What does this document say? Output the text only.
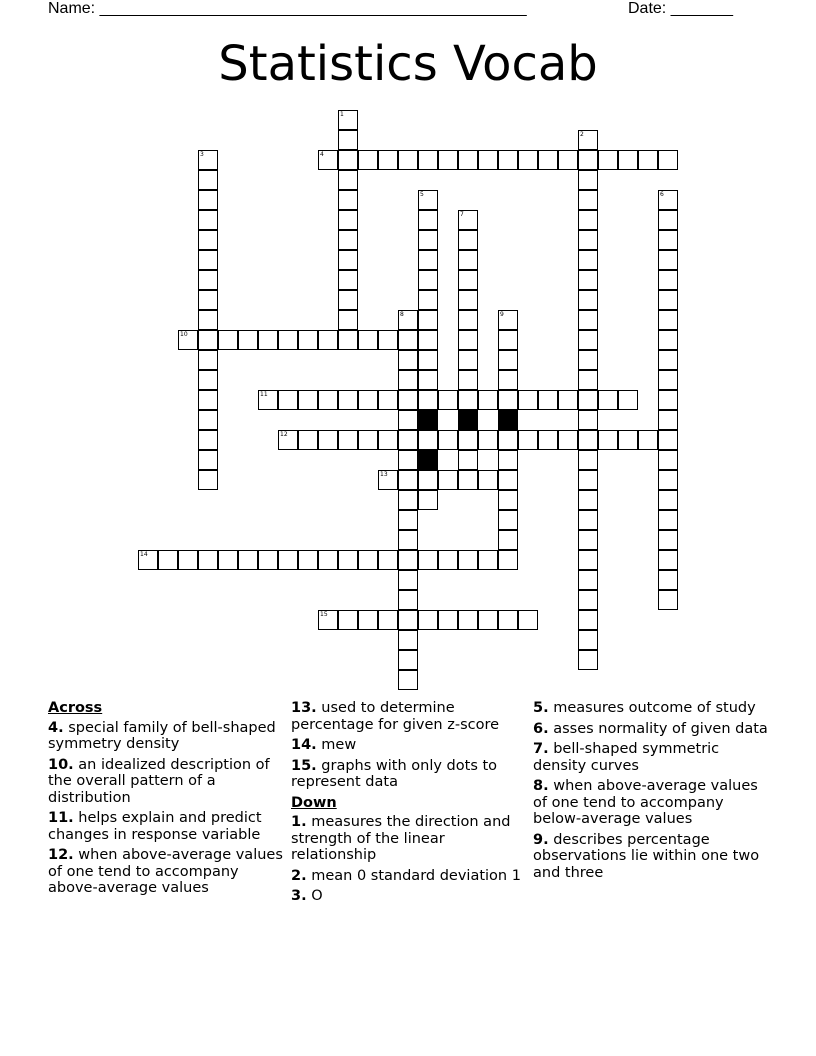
Name: ________________________________________________	Date: _______
Statistics Vocab
1
2
3	4
5	6
7
8	9
10
11
12
13
14
15
Across
4. special family of bell-shaped symmetry density
10. an idealized description of the overall pattern of a distribution
11. helps explain and predict changes in response variable
12. when above-average values of one tend to accompany above-average values
13. used to determine percentage for given z-score
14. mew
15. graphs with only dots to represent data
Down
1. measures the direction and strength of the linear relationship
2. mean 0 standard deviation 1
3. O
5. measures outcome of study
6. asses normality of given data
7. bell-shaped symmetric density curves
8. when above-average values of one tend to accompany below-average values
9. describes percentage observations lie within one two and three
